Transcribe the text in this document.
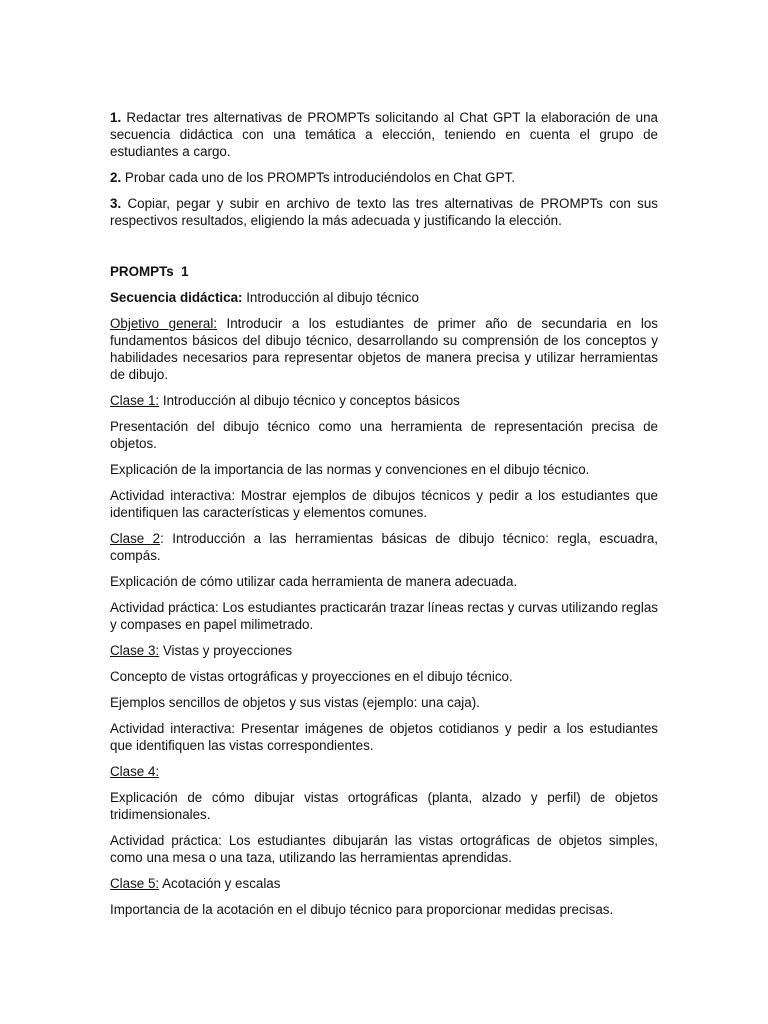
1. Redactar tres alternativas de PROMPTs solicitando al Chat GPT la elaboración de una secuencia didáctica con una temática a elección, teniendo en cuenta el grupo de estudiantes a cargo.

2. Probar cada uno de los PROMPTs introduciéndolos en Chat GPT.

3. Copiar, pegar y subir en archivo de texto las tres alternativas de PROMPTs con sus respectivos resultados, eligiendo la más adecuada y justificando la elección.

PROMPTs  1

Secuencia didáctica: Introducción al dibujo técnico

Objetivo general: Introducir a los estudiantes de primer año de secundaria en los fundamentos básicos del dibujo técnico, desarrollando su comprensión de los conceptos y habilidades necesarios para representar objetos de manera precisa y utilizar herramientas de dibujo.

Clase 1: Introducción al dibujo técnico y conceptos básicos

Presentación del dibujo técnico como una herramienta de representación precisa de objetos.

Explicación de la importancia de las normas y convenciones en el dibujo técnico.

Actividad interactiva: Mostrar ejemplos de dibujos técnicos y pedir a los estudiantes que identifiquen las características y elementos comunes.

Clase 2: Introducción a las herramientas básicas de dibujo técnico: regla, escuadra, compás.

Explicación de cómo utilizar cada herramienta de manera adecuada.

Actividad práctica: Los estudiantes practicarán trazar líneas rectas y curvas utilizando reglas y compases en papel milimetrado.

Clase 3: Vistas y proyecciones

Concepto de vistas ortográficas y proyecciones en el dibujo técnico.

Ejemplos sencillos de objetos y sus vistas (ejemplo: una caja).

Actividad interactiva: Presentar imágenes de objetos cotidianos y pedir a los estudiantes que identifiquen las vistas correspondientes.

Clase 4:

Explicación de cómo dibujar vistas ortográficas (planta, alzado y perfil) de objetos tridimensionales.

Actividad práctica: Los estudiantes dibujarán las vistas ortográficas de objetos simples, como una mesa o una taza, utilizando las herramientas aprendidas.

Clase 5: Acotación y escalas

Importancia de la acotación en el dibujo técnico para proporcionar medidas precisas.
